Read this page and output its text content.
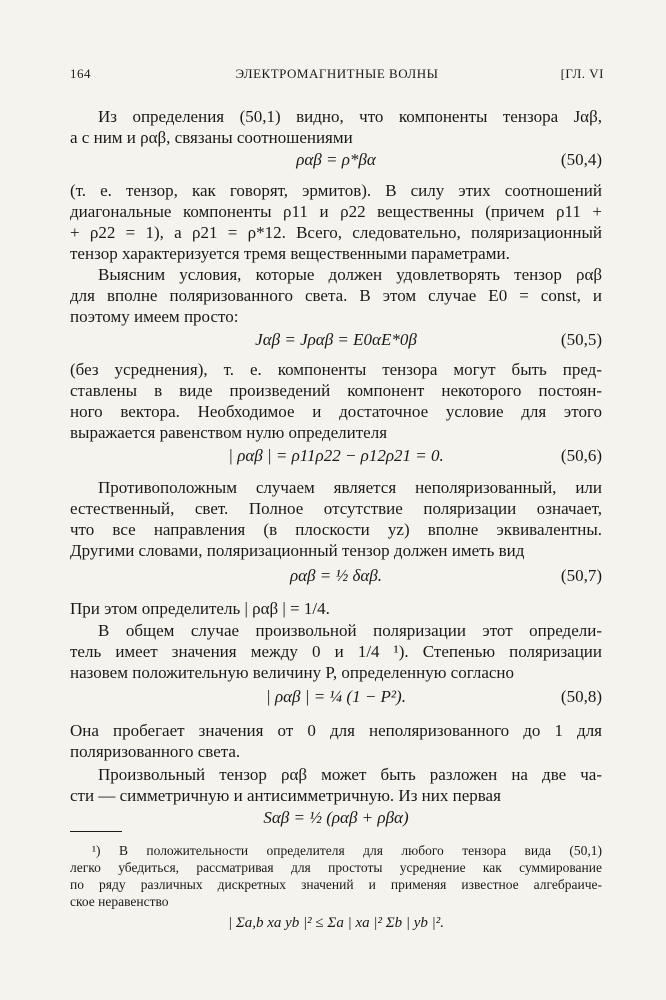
164	ЭЛЕКТРОМАГНИТНЫЕ ВОЛНЫ	[ГЛ. VI
Из определения (50,1) видно, что компоненты тензора Jαβ,
а с ним и ραβ, связаны соотношениями
ραβ = ρ*βα	(50,4)
(т. е. тензор, как говорят, эрмитов). В силу этих соотношений
диагональные компоненты ρ11 и ρ22 вещественны (причем ρ11 +
+ ρ22 = 1), а ρ21 = ρ*12. Всего, следовательно, поляризационный
тензор характеризуется тремя вещественными параметрами.
Выясним условия, которые должен удовлетворять тензор ραβ
для вполне поляризованного света. В этом случае E0 = const, и
поэтому имеем просто:
Jαβ = Jραβ = E0αE*0β	(50,5)
(без усреднения), т. е. компоненты тензора могут быть пред-
ставлены в виде произведений компонент некоторого постоян-
ного вектора. Необходимое и достаточное условие для этого
выражается равенством нулю определителя
| ραβ | = ρ11ρ22 − ρ12ρ21 = 0.	(50,6)
Противоположным случаем является неполяризованный, или
естественный, свет. Полное отсутствие поляризации означает,
что все направления (в плоскости yz) вполне эквивалентны.
Другими словами, поляризационный тензор должен иметь вид
ραβ = ½ δαβ.	(50,7)
При этом определитель | ραβ | = 1/4.
В общем случае произвольной поляризации этот определи-
тель имеет значения между 0 и 1/4 ¹). Степенью поляризации
назовем положительную величину P, определенную согласно
| ραβ | = ¼ (1 − P²).	(50,8)
Она пробегает значения от 0 для неполяризованного до 1 для
поляризованного света.
Произвольный тензор ραβ может быть разложен на две ча-
сти — симметричную и антисимметричную. Из них первая
Sαβ = ½ (ραβ + ρβα)
¹) В положительности определителя для любого тензора вида (50,1)
легко убедиться, рассматривая для простоты усреднение как суммирование
по ряду различных дискретных значений и применяя известное алгебраиче-
ское неравенство
| Σa,b xa yb |² ≤ Σa | xa |² Σb | yb |².
